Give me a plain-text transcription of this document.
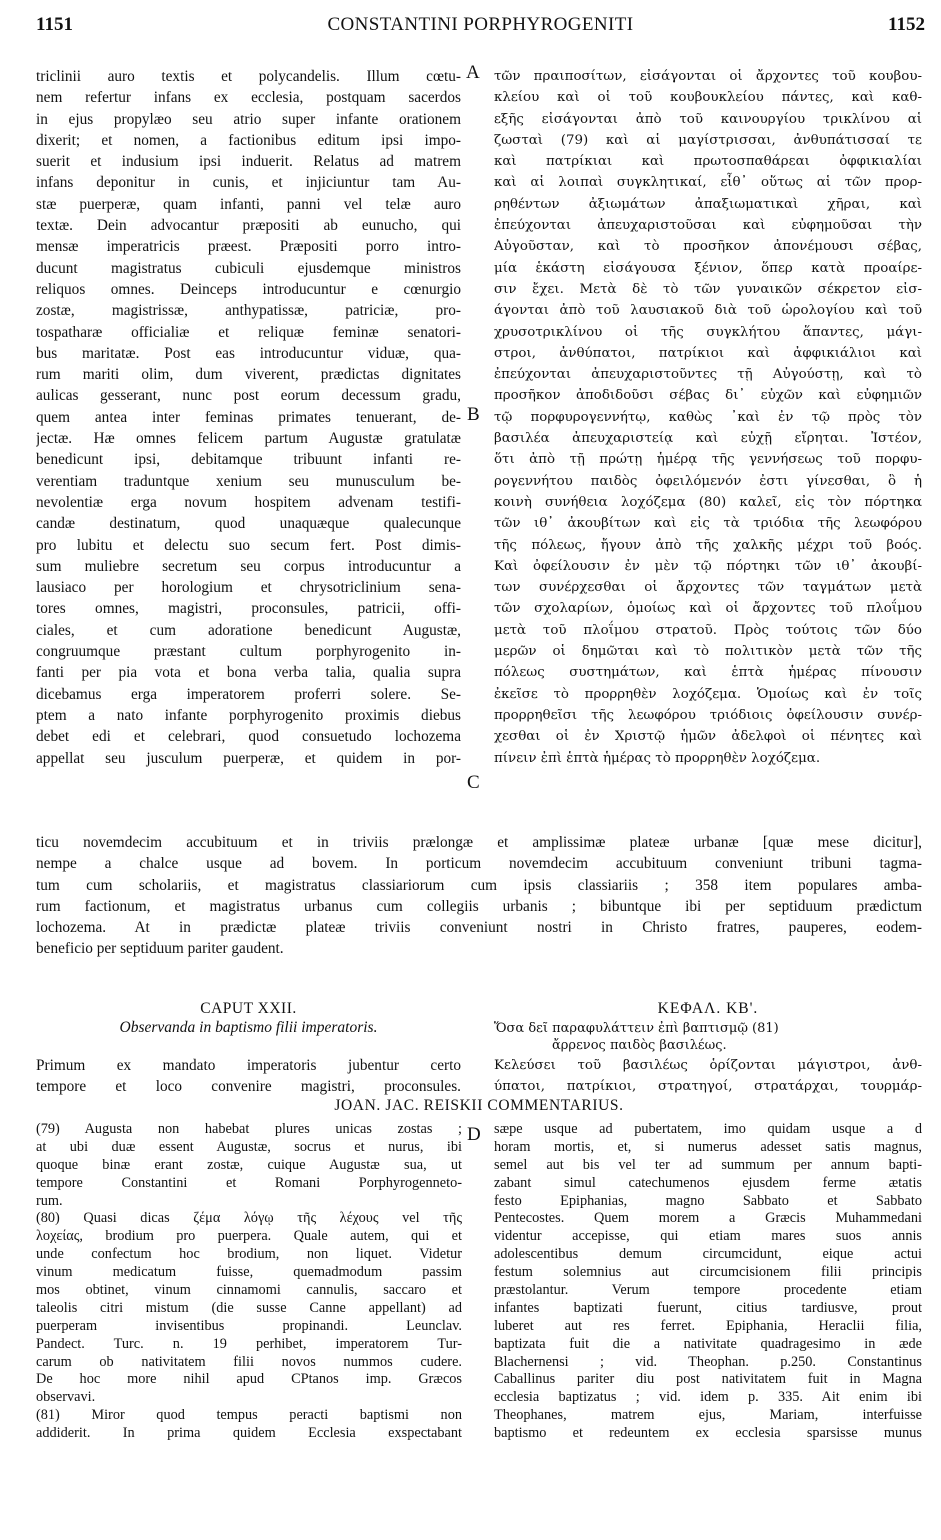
1151	CONSTANTINI PORPHYROGENITI	1152
triclinii auro textis et polycandelis. Illum cœtu-
nem refertur infans ex ecclesia, postquam sacerdos
in ejus propylæo seu atrio super infante orationem
dixerit; et nomen, a factionibus editum ipsi impo-
suerit et indusium ipsi induerit. Relatus ad matrem
infans deponitur in cunis, et injiciuntur tam Au-
stæ puerperæ, quam infanti, panni vel telæ auro
textæ. Dein advocantur præpositi ab eunucho, qui
mensæ imperatricis præest. Præpositi porro intro-
ducunt magistratus cubiculi ejusdemque ministros
reliquos omnes. Deinceps introducuntur e cœnurgio
zostæ, magistrissæ, anthypatissæ, patriciæ, pro-
tospatharæ officialiæ et reliquæ feminæ senatori-
bus maritatæ. Post eas introducuntur viduæ, qua-
rum mariti olim, dum viverent, prædictas dignitates
aulicas gesserant, nunc post eorum decessum gradu,
quem antea inter feminas primates tenuerant, de-
jectæ. Hæ omnes felicem partum Augustæ gratulatæ
benedicunt ipsi, debitamque tribuunt infanti re-
verentiam traduntque xenium seu munusculum be-
nevolentiæ erga novum hospitem advenam testifi-
candæ destinatum, quod unaquæque qualecunque
pro lubitu et delectu suo secum fert. Post dimis-
sum muliebre secretum seu corpus introducuntur a
lausiaco per horologium et chrysotriclinium sena-
tores omnes, magistri, proconsules, patricii, offi-
ciales, et cum adoratione benedicunt Augustæ,
congruumque præstant cultum porphyrogenito in-
fanti per pia vota et bona verba talia, qualia supra
dicebamus erga imperatorem proferri solere. Se-
ptem a nato infante porphyrogenito proximis diebus
debet edi et celebrari, quod consuetudo lochozema
appellat seu jusculum puerperæ, et quidem in por-
τῶν πραιποσίτων, εἰσάγονται οἱ ἄρχοντες τοῦ κουβου-
κλείου καὶ οἱ τοῦ κουβουκλείου πάντες, καὶ καθ-
εξῆς εἰσάγονται ἀπὸ τοῦ καινουργίου τρικλίνου αἱ
ζωσταὶ (79) καὶ αἱ μαγίστρισσαι, ἀνθυπάτισσαί τε
καὶ πατρίκιαι καὶ πρωτοσπαθάρεαι ὀφφικιαλίαι
καὶ αἱ λοιπαὶ συγκλητικαί, εἶθ᾽ οὕτως αἱ τῶν προρ-
ρηθέντων ἀξιωμάτων ἀπαξιωματικαὶ χῆραι, καὶ
ἐπεύχονται ἀπευχαριστοῦσαι καὶ εὐφημοῦσαι τὴν
Αὐγοῦσταν, καὶ τὸ προσῆκον ἀπονέμουσι σέβας,
μία ἑκάστη εἰσάγουσα ξένιον, ὅπερ κατὰ προαίρε-
σιν ἔχει. Μετὰ δὲ τὸ τῶν γυναικῶν σέκρετον εἰσ-
άγονται ἀπὸ τοῦ λαυσιακοῦ διὰ τοῦ ὡρολογίου καὶ τοῦ
χρυσοτρικλίνου οἱ τῆς συγκλήτου ἅπαντες, μάγι-
στροι, ἀνθύπατοι, πατρίκιοι καὶ ἀφφικιάλιοι καὶ
ἐπεύχονται ἀπευχαριστοῦντες τῇ Αὐγούστῃ, καὶ τὸ
προσῆκον ἀποδιδοῦσι σέβας δι᾽ εὐχῶν καὶ εὐφημιῶν
τῷ πορφυρογεννήτῳ, καθὼς ᾽καὶ ἐν τῷ πρὸς τὸν
βασιλέα ἀπευχαριστείᾳ καὶ εὐχῇ εἴρηται. Ἰστέον,
ὅτι ἀπὸ τῇ πρώτῃ ἡμέρᾳ τῆς γεννήσεως τοῦ πορφυ-
ρογεννήτου παιδὸς ὀφειλόμενόν ἐστι γίνεσθαι, ὃ ἡ
κοινὴ συνήθεια λοχόζεμα (80) καλεῖ, εἰς τὸν πόρτηκα
τῶν ιθ᾽ ἀκουβίτων καὶ εἰς τὰ τριόδια τῆς λεωφόρου
τῆς πόλεως, ἤγουν ἀπὸ τῆς χαλκῆς μέχρι τοῦ βοός.
Καὶ ὀφείλουσιν ἐν μὲν τῷ πόρτηκι τῶν ιθ᾽ ἀκουβί-
των συνέρχεσθαι οἱ ἄρχοντες τῶν ταγμάτων μετὰ
τῶν σχολαρίων, ὁμοίως καὶ οἱ ἄρχοντες τοῦ πλοΐμου
μετὰ τοῦ πλοΐμου στρατοῦ. Πρὸς τούτοις τῶν δύο
μερῶν οἱ δημῶται καὶ τὸ πολιτικὸν μετὰ τῶν τῆς
πόλεως συστημάτων, καὶ ἑπτὰ ἡμέρας πίνουσιν
ἐκεῖσε τὸ προρρηθὲν λοχόζεμα. Ὁμοίως καὶ ἐν τοῖς
προρρηθεῖσι τῆς λεωφόρου τριόδιοις ὀφείλουσιν συνέρ-
χεσθαι οἱ ἐν Χριστῷ ἡμῶν ἀδελφοὶ οἱ πένητες καὶ
πίνειν ἐπὶ ἑπτὰ ἡμέρας τὸ προρρηθὲν λοχόζεμα.
A
B
C
D
ticu novemdecim accubituum et in triviis prælongæ et amplissimæ plateæ urbanæ [quæ mese dicitur],
nempe a chalce usque ad bovem. In porticum novemdecim accubituum conveniunt tribuni tagma-
tum cum scholariis, et magistratus classiariorum cum ipsis classiariis ; 358 item populares amba-
rum factionum, et magistratus urbanus cum collegiis urbanis ; bibuntque ibi per septiduum prædictum
lochozema. At in prædictæ plateæ triviis conveniunt nostri in Christo fratres, pauperes, eodem-
beneficio per septiduum pariter gaudent.
CAPUT XXII.
Observanda in baptismo filii imperatoris.
ΚΕΦΑΛ. ΚΒ'.
Ὅσα δεῖ παραφυλάττειν ἐπὶ βαπτισμῷ (81)
ἄρρενος παιδὸς βασιλέως.
Primum ex mandato imperatoris jubentur certo
tempore et loco convenire magistri, proconsules.
Κελεύσει τοῦ βασιλέως ὁρίζονται μάγιστροι, ἀνθ-
ύπατοι, πατρίκιοι, στρατηγοί, στρατάρχαι, τουρμάρ-
JOAN. JAC. REISKII COMMENTARIUS.
(79) Augusta non habebat plures unicas zostas ;
at ubi duæ essent Augustæ, socrus et nurus, ibi
quoque binæ erant zostæ, cuique Augustæ sua, ut
tempore Constantini et Romani Porphyrogenneto-
rum.
(80) Quasi dicas ζέμα λόγῳ τῆς λέχους vel τῆς
λοχείας, brodium pro puerpera. Quale autem, qui et
unde confectum hoc brodium, non liquet. Videtur
vinum medicatum fuisse, quemadmodum passim
mos obtinet, vinum cinnamomi cannulis, saccaro et
taleolis citri mistum (die susse Canne appellant) ad
puerperam invisentibus propinandi. Leunclav.
Pandect. Turc. n. 19 perhibet, imperatorem Tur-
carum ob nativitatem filii novos nummos cudere.
De hoc more nihil apud CPtanos imp. Græcos
observavi.
(81) Miror quod tempus peracti baptismi non
addiderit. In prima quidem Ecclesia exspectabant
sæpe usque ad pubertatem, imo quidam usque a d
horam mortis, et, si numerus adesset satis magnus,
semel aut bis vel ter ad summum per annum bapti-
zabant simul catechumenos ejusdem ferme ætatis
festo Epiphanias, magno Sabbato et Sabbato
Pentecostes. Quem morem a Græcis Muhammedani
videntur accepisse, qui etiam mares suos annis
adolescentibus demum circumcidunt, eique actui
festum solemnius aut circumcisionem filii principis
præstolantur. Verum tempore procedente etiam
infantes baptizati fuerunt, citius tardiusve, prout
luberet aut res ferret. Epiphania, Heraclii filia,
baptizata fuit die a nativitate quadragesimo in æde
Blachernensi ; vid. Theophan. p.250. Constantinus
Caballinus pariter diu post nativitatem fuit in Magna
ecclesia baptizatus ; vid. idem p. 335. Ait enim ibi
Theophanes, matrem ejus, Mariam, interfuisse
baptismo et redeuntem ex ecclesia sparsisse munus
